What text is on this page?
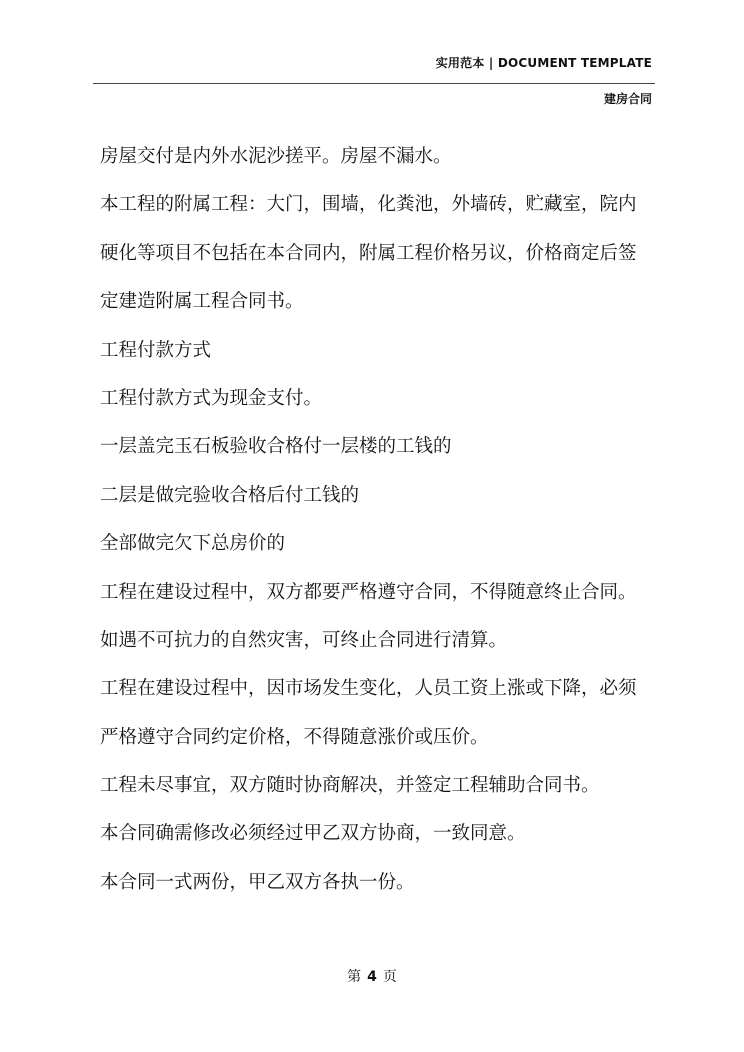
实用范本 | DOCUMENT TEMPLATE
建房合同
房屋交付是内外水泥沙搓平。房屋不漏水。
本工程的附属工程：大门，围墙，化粪池，外墙砖，贮藏室，院内
硬化等项目不包括在本合同内，附属工程价格另议，价格商定后签
定建造附属工程合同书。
工程付款方式
工程付款方式为现金支付。
一层盖完玉石板验收合格付一层楼的工钱的
二层是做完验收合格后付工钱的
全部做完欠下总房价的
工程在建设过程中，双方都要严格遵守合同，不得随意终止合同。
如遇不可抗力的自然灾害，可终止合同进行清算。
工程在建设过程中，因市场发生变化，人员工资上涨或下降，必须
严格遵守合同约定价格，不得随意涨价或压价。
工程未尽事宜，双方随时协商解决，并签定工程辅助合同书。
本合同确需修改必须经过甲乙双方协商，一致同意。
本合同一式两份，甲乙双方各执一份。
第 4 页
